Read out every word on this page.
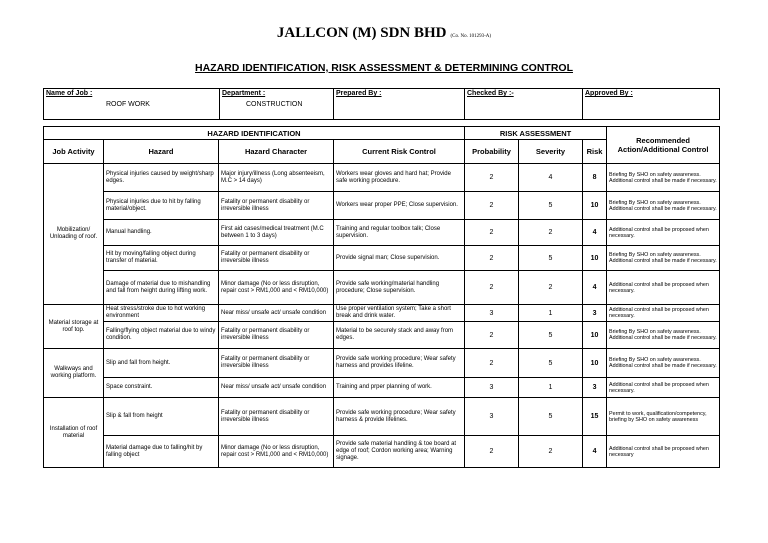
JALLCON (M) SDN BHD (Co. No. 101293-A)
HAZARD IDENTIFICATION, RISK ASSESSMENT & DETERMINING CONTROL
Name of Job :
ROOF WORK

Department :
CONSTRUCTION

Prepared By :	Checked By :-	Approved By :
HAZARD IDENTIFICATION				RISK ASSESSMENT			Recommended Action/Additional Control
Job Activity	Hazard	Hazard Character	Current Risk Control	Probability	Severity	Risk	
Mobilization/ Unloading of roof.	Physical injuries caused by weight/sharp edges.	Major injury/illness (Long absenteeism, M.C > 14 days)	Workers wear gloves and hard hat; Provide safe working procedure.	2	4	8	Briefing By SHO on safety awareness. Additional control shall be made if necessary.
	Physical injuries due to hit by falling material/object.	Fatality or permanent disability or irreversible illness	Workers wear proper PPE; Close supervision.	2	5	10	Briefing By SHO on safety awareness. Additional control shall be made if necessary.
	Manual handling.	First aid cases/medical treatment (M.C between 1 to 3 days)	Training and regular toolbox talk; Close supervision.	2	2	4	Additional control shall be proposed when necessary.
	Hit by moving/falling object during transfer of material.	Fatality or permanent disability or irreversible illness	Provide signal man; Close supervision.	2	5	10	Briefing By SHO on safety awareness. Additional control shall be made if necessary.
	Damage of material due to mishandling and fall from height during lifting work.	Minor damage (No or less disruption, repair cost > RM1,000 and < RM10,000)	Provide safe working/material handling procedure; Close supervision.	2	2	4	Additional control shall be proposed when necessary.
Material storage at roof top.	Heat stress/stroke due to hot working environment	Near miss/ unsafe act/ unsafe condition	Use proper ventilation system; Take a short break and drink water.	3	1	3	Additional control shall be proposed when necessary.
	Falling/flying object material due to windy condition.	Fatality or permanent disability or irreversible illness	Material to be securely stack and away from edges.	2	5	10	Briefing By SHO on safety awareness. Additional control shall be made if necessary.
Walkways and working platform.	Slip and fall from height.	Fatality or permanent disability or irreversible illness	Provide safe working procedure; Wear safety harness and provides lifeline.	2	5	10	Briefing By SHO on safety awareness. Additional control shall be made if necessary.
	Space constraint.	Near miss/ unsafe act/ unsafe condition	Training and prper planning of work.	3	1	3	Additional control shall be proposed when necessary.
Installation of roof material	Slip & fall from height	Fatality or permanent disability or irreversible illness	Provide safe working procedure; Wear safety harness & provide lifelines.	3	5	15	Permit to work, qualification/competency, briefing by SHO on safety awareness
	Material damage due to falling/hit by falling object	Minor damage (No or less disruption, repair cost > RM1,000 and < RM10,000)	Provide safe material handling & toe board at edge of roof; Cordon working area; Warning signage.	2	2	4	Additional control shall be proposed when necessary
